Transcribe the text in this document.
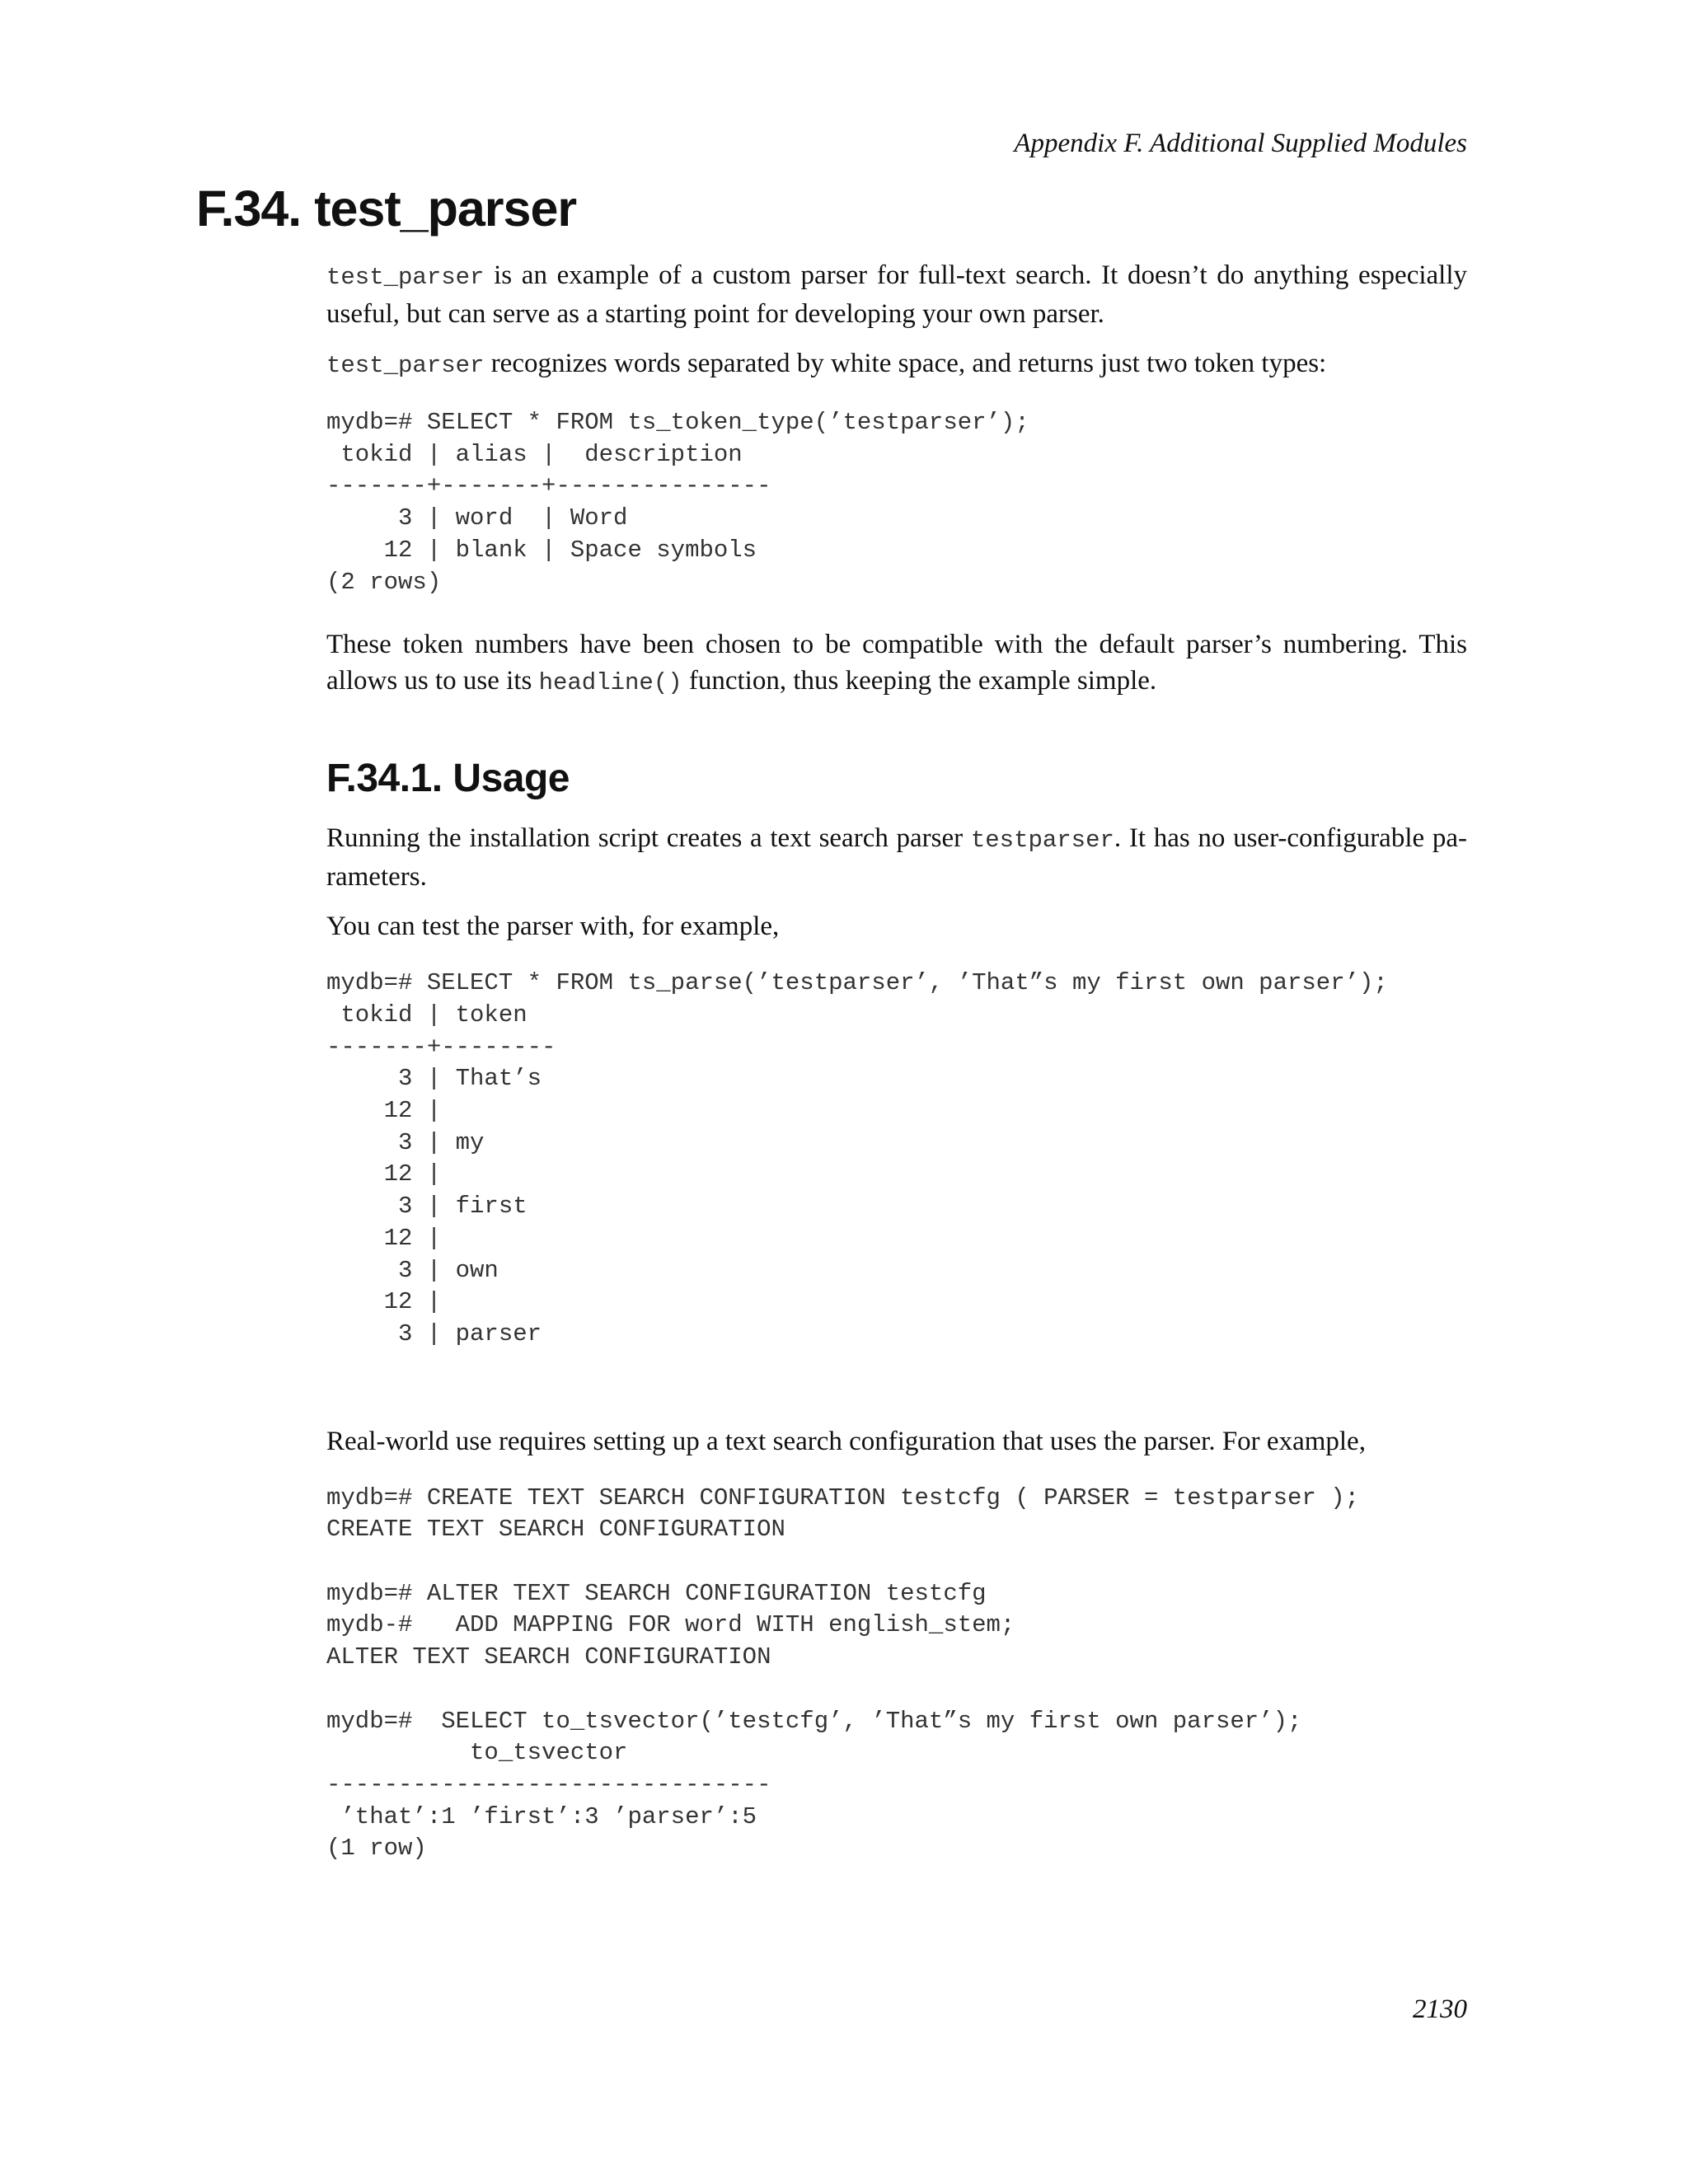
Appendix F. Additional Supplied Modules
F.34. test_parser

test_parser is an example of a custom parser for full-text search. It doesn’t do anything especially useful, but can serve as a starting point for developing your own parser.

test_parser recognizes words separated by white space, and returns just two token types:

mydb=# SELECT * FROM ts_token_type(’testparser’);
tokid | alias |  description
-------+-------+---------------
3 | word  | Word
12 | blank | Space symbols
(2 rows)

These token numbers have been chosen to be compatible with the default parser’s numbering. This allows us to use its headline() function, thus keeping the example simple.

F.34.1. Usage

Running the installation script creates a text search parser testparser. It has no user-configurable pa-rameters.

You can test the parser with, for example,

mydb=# SELECT * FROM ts_parse(’testparser’, ’That”s my first own parser’);
tokid | token
-------+--------
3 | That’s
12 |
3 | my
12 |
3 | first
12 |
3 | own
12 |
3 | parser

Real-world use requires setting up a text search configuration that uses the parser. For example,

mydb=# CREATE TEXT SEARCH CONFIGURATION testcfg ( PARSER = testparser );
CREATE TEXT SEARCH CONFIGURATION

mydb=# ALTER TEXT SEARCH CONFIGURATION testcfg
mydb-#   ADD MAPPING FOR word WITH english_stem;
ALTER TEXT SEARCH CONFIGURATION

mydb=#  SELECT to_tsvector(’testcfg’, ’That”s my first own parser’);
to_tsvector
-------------------------------
’that’:1 ’first’:3 ’parser’:5
(1 row)
2130
